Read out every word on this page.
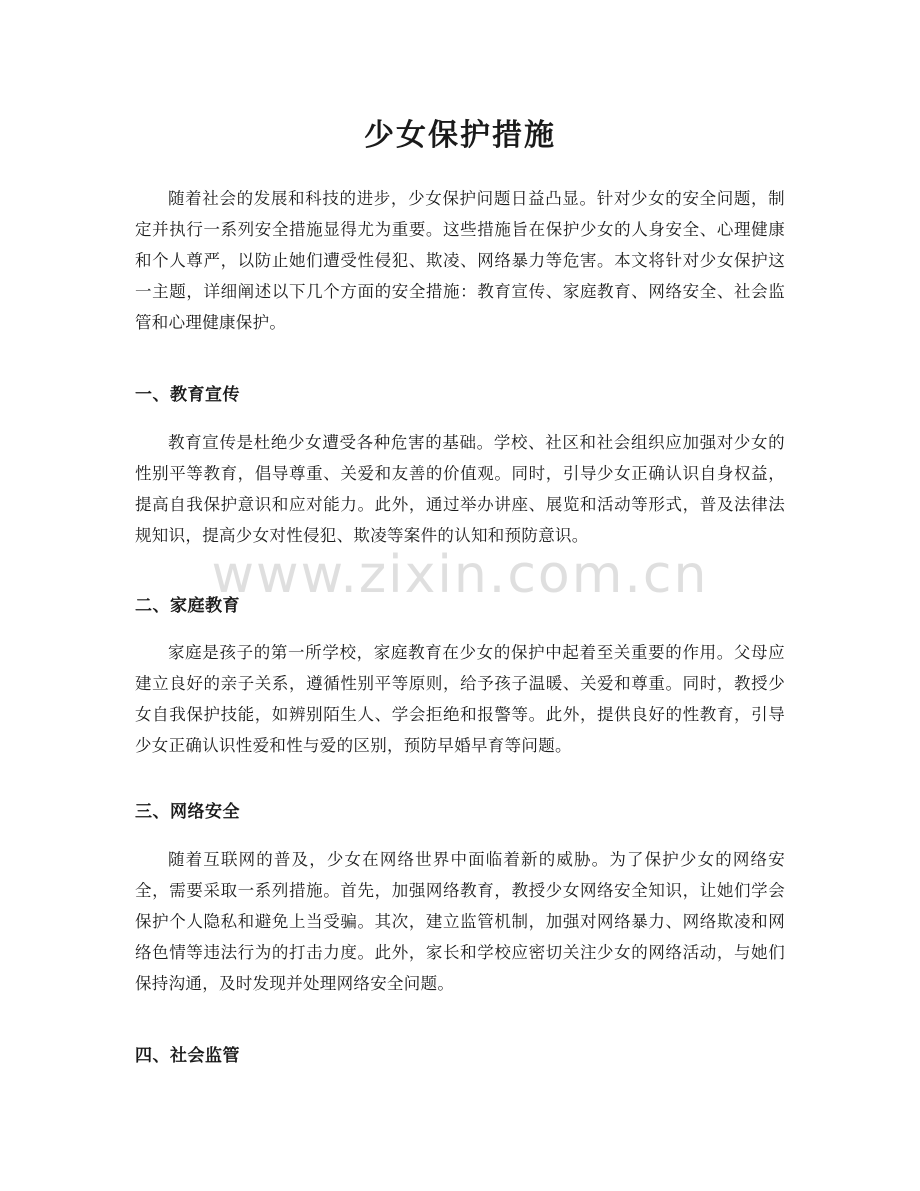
少女保护措施

随着社会的发展和科技的进步，少女保护问题日益凸显。针对少女的安全问题，制定并执行一系列安全措施显得尤为重要。这些措施旨在保护少女的人身安全、心理健康和个人尊严，以防止她们遭受性侵犯、欺凌、网络暴力等危害。本文将针对少女保护这一主题，详细阐述以下几个方面的安全措施：教育宣传、家庭教育、网络安全、社会监管和心理健康保护。

一、教育宣传

教育宣传是杜绝少女遭受各种危害的基础。学校、社区和社会组织应加强对少女的性别平等教育，倡导尊重、关爱和友善的价值观。同时，引导少女正确认识自身权益，提高自我保护意识和应对能力。此外，通过举办讲座、展览和活动等形式，普及法律法规知识，提高少女对性侵犯、欺凌等案件的认知和预防意识。

二、家庭教育

家庭是孩子的第一所学校，家庭教育在少女的保护中起着至关重要的作用。父母应建立良好的亲子关系，遵循性别平等原则，给予孩子温暖、关爱和尊重。同时，教授少女自我保护技能，如辨别陌生人、学会拒绝和报警等。此外，提供良好的性教育，引导少女正确认识性爱和性与爱的区别，预防早婚早育等问题。

三、网络安全

随着互联网的普及，少女在网络世界中面临着新的威胁。为了保护少女的网络安全，需要采取一系列措施。首先，加强网络教育，教授少女网络安全知识，让她们学会保护个人隐私和避免上当受骗。其次，建立监管机制，加强对网络暴力、网络欺凌和网络色情等违法行为的打击力度。此外，家长和学校应密切关注少女的网络活动，与她们保持沟通，及时发现并处理网络安全问题。

四、社会监管
www.zixin.com.cn
